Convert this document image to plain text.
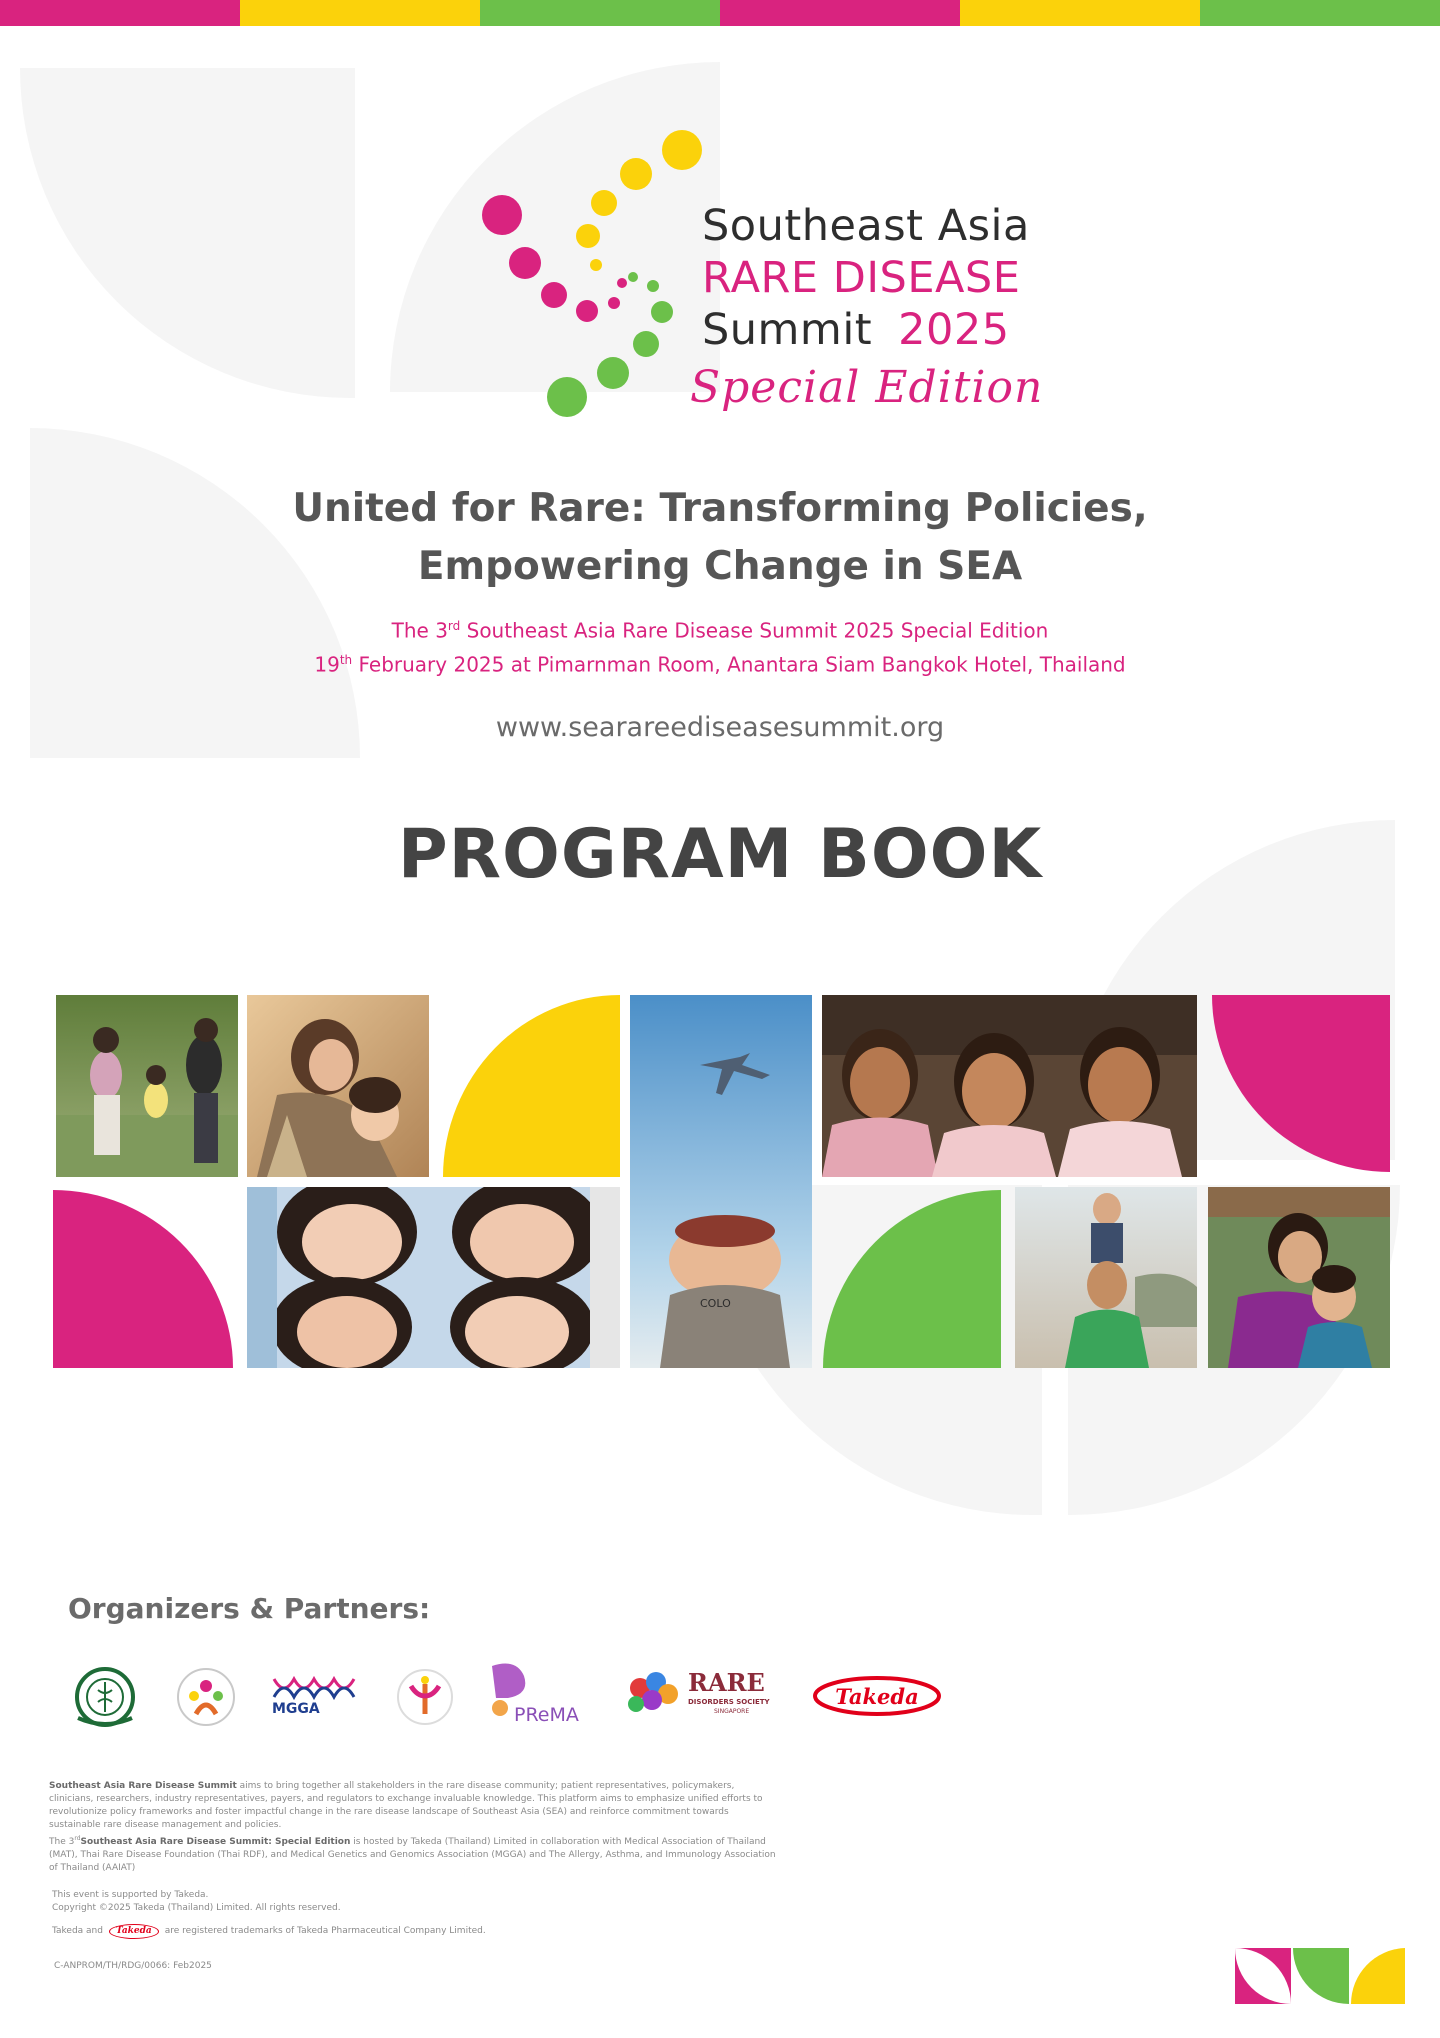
Southeast Asia
RARE DISEASE
Summit 2025
Special Edition
United for Rare: Transforming Policies,
Empowering Change in SEA
The 3rd Southeast Asia Rare Disease Summit 2025 Special Edition
19th February 2025 at Pimarnman Room, Anantara Siam Bangkok Hotel, Thailand
www.searareediseasesummit.org
PROGRAM BOOK
COLO
Organizers & Partners:
MGGA	PReMA
RARE
DISORDERS SOCIETY
SINGAPORE
Takeda
Southeast Asia Rare Disease Summit aims to bring together all stakeholders in the rare disease community; patient representatives, policymakers, clinicians, researchers, industry representatives, payers, and regulators to exchange invaluable knowledge. This platform aims to emphasize unified efforts to revolutionize policy frameworks and foster impactful change in the rare disease landscape of Southeast Asia (SEA) and reinforce commitment towards sustainable rare disease management and policies.
The 3rdSoutheast Asia Rare Disease Summit: Special Edition is hosted by Takeda (Thailand) Limited in collaboration with Medical Association of Thailand (MAT), Thai Rare Disease Foundation (Thai RDF), and Medical Genetics and Genomics Association (MGGA) and The Allergy, Asthma, and Immunology Association of Thailand (AAIAT)
This event is supported by Takeda.
Copyright ©2025 Takeda (Thailand) Limited. All rights reserved.
Takeda and	Takeda	are registered trademarks of Takeda Pharmaceutical Company Limited.
C-ANPROM/TH/RDG/0066: Feb2025
